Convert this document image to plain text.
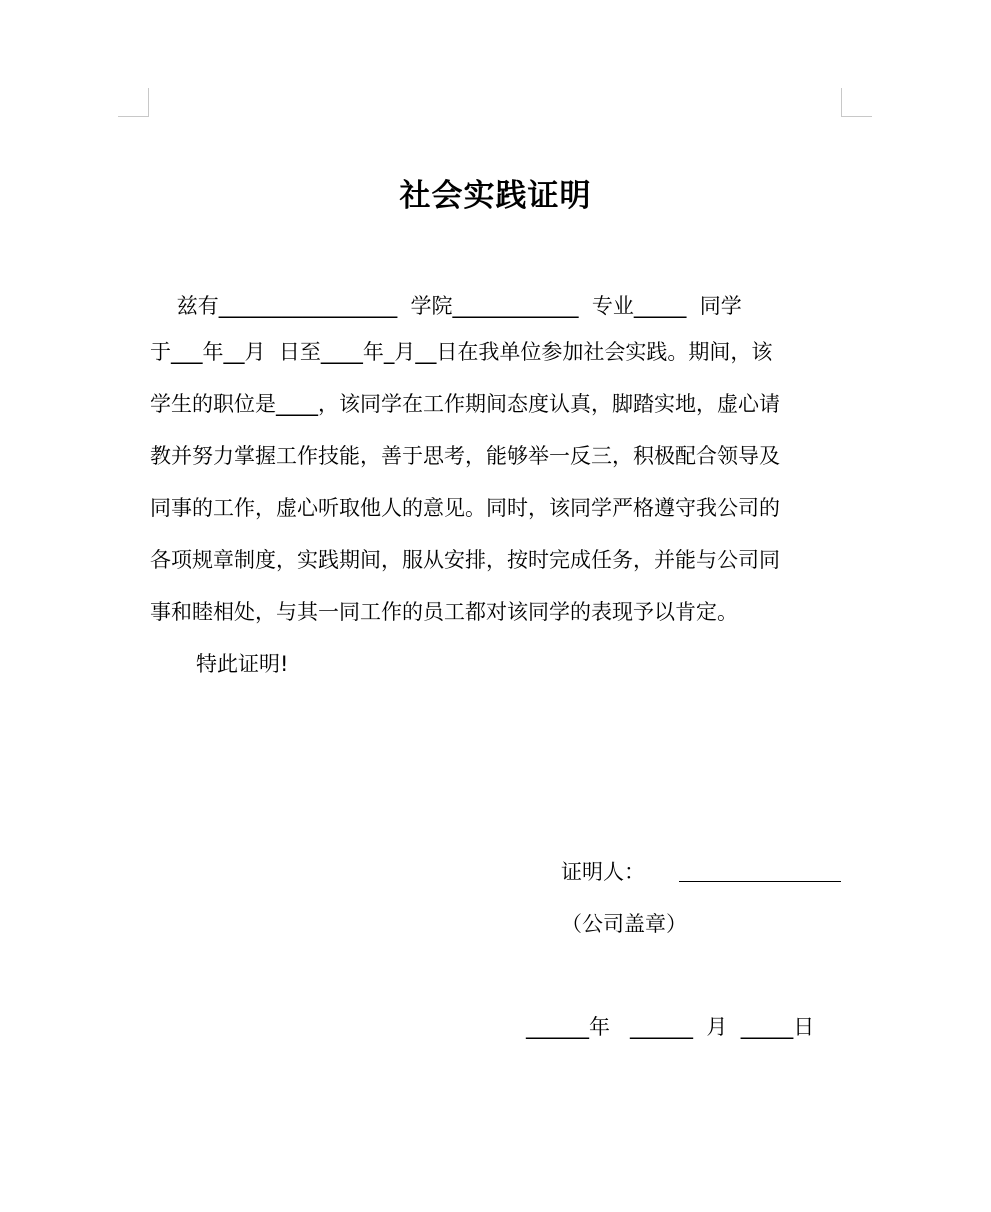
社会实践证明
兹有_________________  学院____________  专业_____  同学
于___年__月  日至____年_月__日在我单位参加社会实践。期间，该
学生的职位是____，该同学在工作期间态度认真，脚踏实地，虚心请
教并努力掌握工作技能，善于思考，能够举一反三，积极配合领导及
同事的工作，虚心听取他人的意见。同时，该同学严格遵守我公司的
各项规章制度，实践期间，服从安排，按时完成任务，并能与公司同
事和睦相处，与其一同工作的员工都对该同学的表现予以肯定。
特此证明!
证明人：
（公司盖章）
______年   ______  月  _____日
